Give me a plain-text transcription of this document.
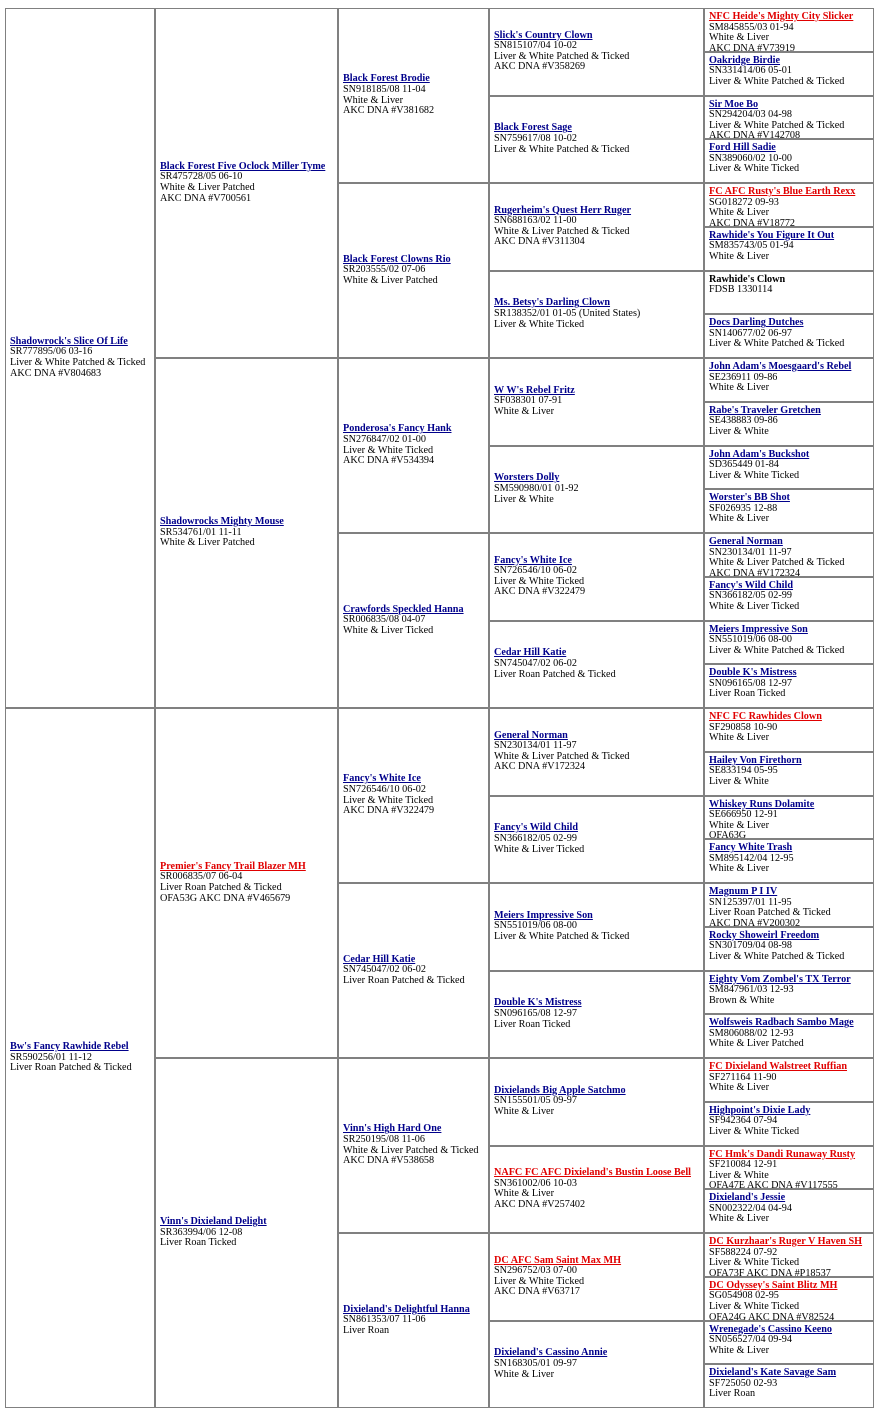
Shadowrock's Slice Of Life
SR777895/06 03-16
Liver & White Patched & Ticked
AKC DNA #V804683
Black Forest Five Oclock Miller Tyme
SR475728/05 06-10
White & Liver Patched
AKC DNA #V700561
Black Forest Brodie
SN918185/08 11-04
White & Liver
AKC DNA #V381682
Slick's Country Clown
SN815107/04 10-02
Liver & White Patched & Ticked
AKC DNA #V358269
NFC Heide's Mighty City Slicker
SM845855/03 01-94
White & Liver
AKC DNA #V73919
Oakridge Birdie
SN331414/06 05-01
Liver & White Patched & Ticked
Black Forest Sage
SN759617/08 10-02
Liver & White Patched & Ticked
Sir Moe Bo
SN294204/03 04-98
Liver & White Patched & Ticked
AKC DNA #V142708
Ford Hill Sadie
SN389060/02 10-00
Liver & White Ticked
Black Forest Clowns Rio
SR203555/02 07-06
White & Liver Patched
Rugerheim's Quest Herr Ruger
SN688163/02 11-00
White & Liver Patched & Ticked
AKC DNA #V311304
FC AFC Rusty's Blue Earth Rexx
SG018272 09-93
White & Liver
AKC DNA #V18772
Rawhide's You Figure It Out
SM835743/05 01-94
White & Liver
Ms. Betsy's Darling Clown
SR138352/01 01-05 (United States)
Liver & White Ticked
Rawhide's Clown
FDSB 1330114
Docs Darling Dutches
SN140677/02 06-97
Liver & White Patched & Ticked
Shadowrocks Mighty Mouse
SR534761/01 11-11
White & Liver Patched
Ponderosa's Fancy Hank
SN276847/02 01-00
Liver & White Ticked
AKC DNA #V534394
W W's Rebel Fritz
SF038301 07-91
White & Liver
John Adam's Moesgaard's Rebel
SE236911 09-86
White & Liver
Rabe's Traveler Gretchen
SE438883 09-86
Liver & White
Worsters Dolly
SM590980/01 01-92
Liver & White
John Adam's Buckshot
SD365449 01-84
Liver & White Ticked
Worster's BB Shot
SF026935 12-88
White & Liver
Crawfords Speckled Hanna
SR006835/08 04-07
White & Liver Ticked
Fancy's White Ice
SN726546/10 06-02
Liver & White Ticked
AKC DNA #V322479
General Norman
SN230134/01 11-97
White & Liver Patched & Ticked
AKC DNA #V172324
Fancy's Wild Child
SN366182/05 02-99
White & Liver Ticked
Cedar Hill Katie
SN745047/02 06-02
Liver Roan Patched & Ticked
Meiers Impressive Son
SN551019/06 08-00
Liver & White Patched & Ticked
Double K's Mistress
SN096165/08 12-97
Liver Roan Ticked
Bw's Fancy Rawhide Rebel
SR590256/01 11-12
Liver Roan Patched & Ticked
Premier's Fancy Trail Blazer MH
SR006835/07 06-04
Liver Roan Patched & Ticked
OFA53G AKC DNA #V465679
Fancy's White Ice
SN726546/10 06-02
Liver & White Ticked
AKC DNA #V322479
General Norman
SN230134/01 11-97
White & Liver Patched & Ticked
AKC DNA #V172324
NFC FC Rawhides Clown
SF290858 10-90
White & Liver
Hailey Von Firethorn
SE833194 05-95
Liver & White
Fancy's Wild Child
SN366182/05 02-99
White & Liver Ticked
Whiskey Runs Dolamite
SE666950 12-91
White & Liver
OFA63G
Fancy White Trash
SM895142/04 12-95
White & Liver
Cedar Hill Katie
SN745047/02 06-02
Liver Roan Patched & Ticked
Meiers Impressive Son
SN551019/06 08-00
Liver & White Patched & Ticked
Magnum P I IV
SN125397/01 11-95
Liver Roan Patched & Ticked
AKC DNA #V200302
Rocky Showeirl Freedom
SN301709/04 08-98
Liver & White Patched & Ticked
Double K's Mistress
SN096165/08 12-97
Liver Roan Ticked
Eighty Vom Zombel's TX Terror
SM847961/03 12-93
Brown & White
Wolfsweis Radbach Sambo Mage
SM806088/02 12-93
White & Liver Patched
Vinn's Dixieland Delight
SR363994/06 12-08
Liver Roan Ticked
Vinn's High Hard One
SR250195/08 11-06
White & Liver Patched & Ticked
AKC DNA #V538658
Dixielands Big Apple Satchmo
SN155501/05 09-97
White & Liver
FC Dixieland Walstreet Ruffian
SF271164 11-90
White & Liver
Highpoint's Dixie Lady
SF942364 07-94
Liver & White Ticked
NAFC FC AFC Dixieland's Bustin Loose Bell
SN361002/06 10-03
White & Liver
AKC DNA #V257402
FC Hmk's Dandi Runaway Rusty
SF210084 12-91
Liver & White
OFA47E AKC DNA #V117555
Dixieland's Jessie
SN002322/04 04-94
White & Liver
Dixieland's Delightful Hanna
SN861353/07 11-06
Liver Roan
DC AFC Sam Saint Max MH
SN296752/03 07-00
Liver & White Ticked
AKC DNA #V63717
DC Kurzhaar's Ruger V Haven SH
SF588224 07-92
Liver & White Ticked
OFA73F AKC DNA #P18537
DC Odyssey's Saint Blitz MH
SG054908 02-95
Liver & White Ticked
OFA24G AKC DNA #V82524
Dixieland's Cassino Annie
SN168305/01 09-97
White & Liver
Wrenegade's Cassino Keeno
SN056527/04 09-94
White & Liver
Dixieland's Kate Savage Sam
SF725050 02-93
Liver Roan
